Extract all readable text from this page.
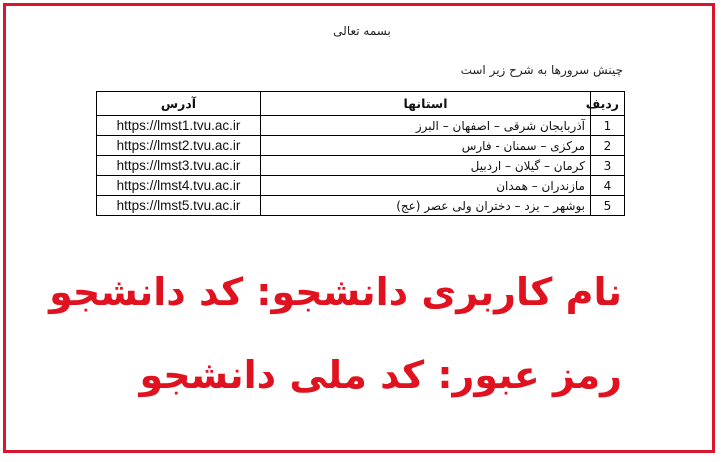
بسمه تعالی
چینش سرورها به شرح زیر است
ردیف	استانها	آدرس
1	آذربایجان شرقی – اصفهان – البرز	https://lmst1.tvu.ac.ir
2	مرکزی – سمنان - فارس	https://lmst2.tvu.ac.ir
3	کرمان – گیلان – اردبیل	https://lmst3.tvu.ac.ir
4	مازندران – همدان	https://lmst4.tvu.ac.ir
5	بوشهر – یزد – دختران ولی عصر (عج)	https://lmst5.tvu.ac.ir
نام کاربری دانشجو: کد دانشجو
رمز عبور: کد ملی دانشجو
